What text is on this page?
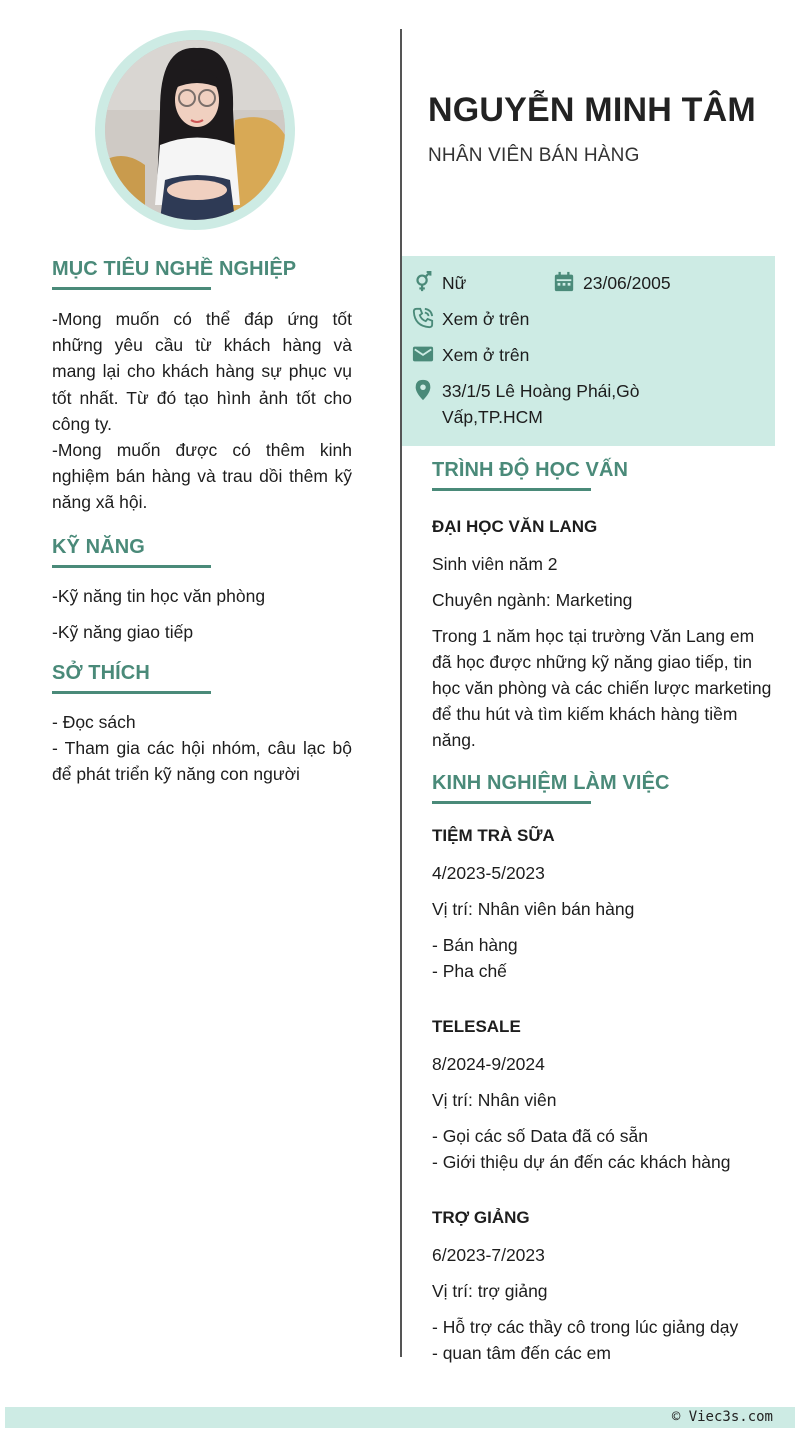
MỤC TIÊU NGHỀ NGHIỆP
-Mong muốn có thể đáp ứng tốt những yêu cầu từ khách hàng và mang lại cho khách hàng sự phục vụ tốt nhất. Từ đó tạo hình ảnh tốt cho công ty.
-Mong muốn được có thêm kinh nghiệm bán hàng và trau dồi thêm kỹ năng xã hội.
KỸ NĂNG
-Kỹ năng tin học văn phòng
-Kỹ năng giao tiếp
SỞ THÍCH
- Đọc sách
- Tham gia các hội nhóm, câu lạc bộ để phát triển kỹ năng con người
NGUYỄN MINH TÂM
NHÂN VIÊN BÁN HÀNG
Nữ	23/06/2005
Xem ở trên
Xem ở trên
33/1/5 Lê Hoàng Phái,Gò
Vấp,TP.HCM
TRÌNH ĐỘ HỌC VẤN
ĐẠI HỌC VĂN LANG
Sinh viên năm 2
Chuyên ngành: Marketing
Trong 1 năm học tại trường Văn Lang em đã học được những kỹ năng giao tiếp, tin học văn phòng và các chiến lược marketing để thu hút và tìm kiếm khách hàng tiềm năng.
KINH NGHIỆM LÀM VIỆC
TIỆM TRÀ SỮA
4/2023-5/2023
Vị trí: Nhân viên bán hàng
- Bán hàng
- Pha chế
TELESALE
8/2024-9/2024
Vị trí: Nhân viên
- Gọi các số Data đã có sẵn
- Giới thiệu dự án đến các khách hàng
TRỢ GIẢNG
6/2023-7/2023
Vị trí: trợ giảng
- Hỗ trợ các thầy cô trong lúc giảng dạy
- quan tâm đến các em
© Viec3s.com
